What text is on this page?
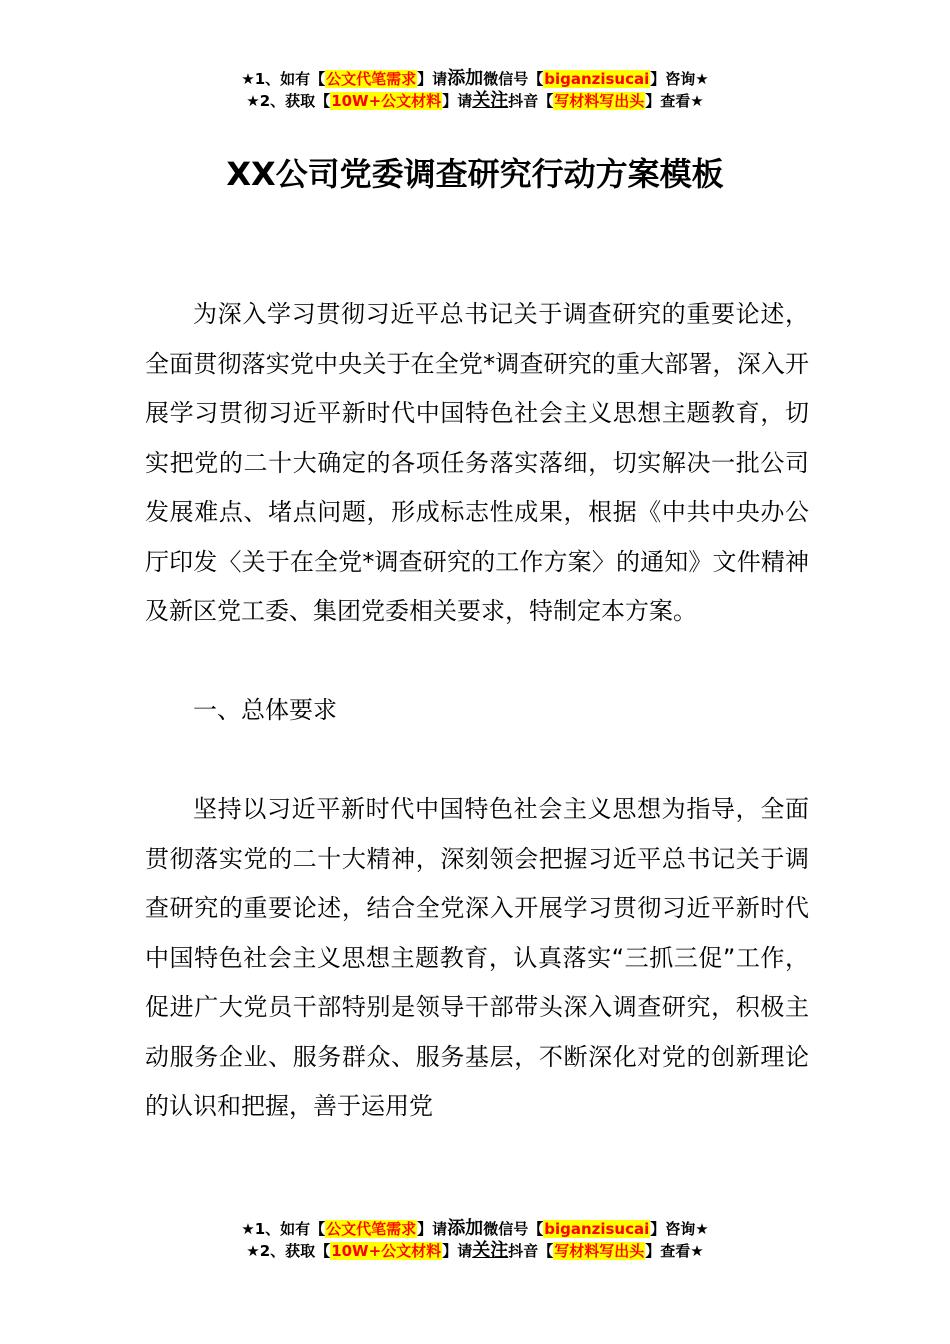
★1、如有【公文代笔需求】请添加微信号【biganzisucai】咨询★
★2、获取【10W+公文材料】请关注抖音【写材料写出头】查看★
XX公司党委调查研究行动方案模板

为深入学习贯彻习近平总书记关于调查研究的重要论述，全面贯彻落实党中央关于在全党*调查研究的重大部署，深入开展学习贯彻习近平新时代中国特色社会主义思想主题教育，切实把党的二十大确定的各项任务落实落细，切实解决一批公司发展难点、堵点问题，形成标志性成果，根据《中共中央办公厅印发〈关于在全党*调查研究的工作方案〉的通知》文件精神及新区党工委、集团党委相关要求，特制定本方案。

一、总体要求

坚持以习近平新时代中国特色社会主义思想为指导，全面贯彻落实党的二十大精神，深刻领会把握习近平总书记关于调查研究的重要论述，结合全党深入开展学习贯彻习近平新时代中国特色社会主义思想主题教育，认真落实“三抓三促”工作，促进广大党员干部特别是领导干部带头深入调查研究，积极主动服务企业、服务群众、服务基层，不断深化对党的创新理论的认识和把握，善于运用党

★1、如有【公文代笔需求】请添加微信号【biganzisucai】咨询★
★2、获取【10W+公文材料】请关注抖音【写材料写出头】查看★
